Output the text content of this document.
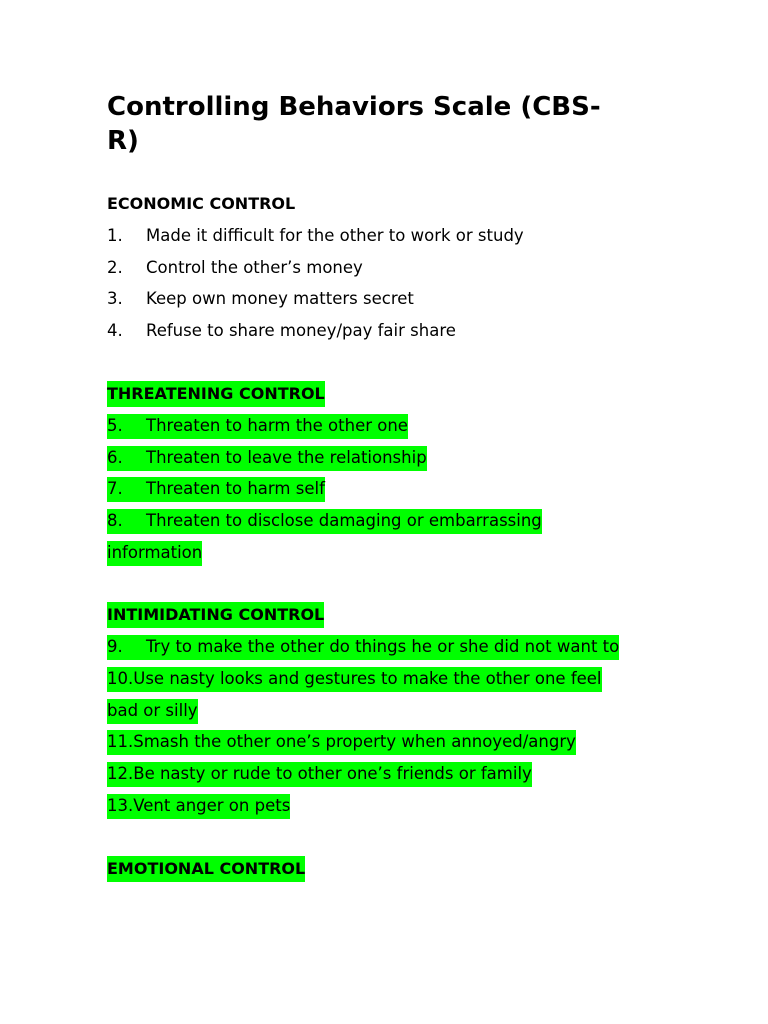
Controlling Behaviors Scale (CBS-
R)
ECONOMIC CONTROL
1. Made it difficult for the other to work or study
2. Control the other’s money
3. Keep own money matters secret
4. Refuse to share money/pay fair share
THREATENING CONTROL
5. Threaten to harm the other one
6. Threaten to leave the relationship
7. Threaten to harm self
8. Threaten to disclose damaging or embarrassing
information
INTIMIDATING CONTROL
9. Try to make the other do things he or she did not want to
10.Use nasty looks and gestures to make the other one feel
bad or silly
11.Smash the other one’s property when annoyed/angry
12.Be nasty or rude to other one’s friends or family
13.Vent anger on pets
EMOTIONAL CONTROL
